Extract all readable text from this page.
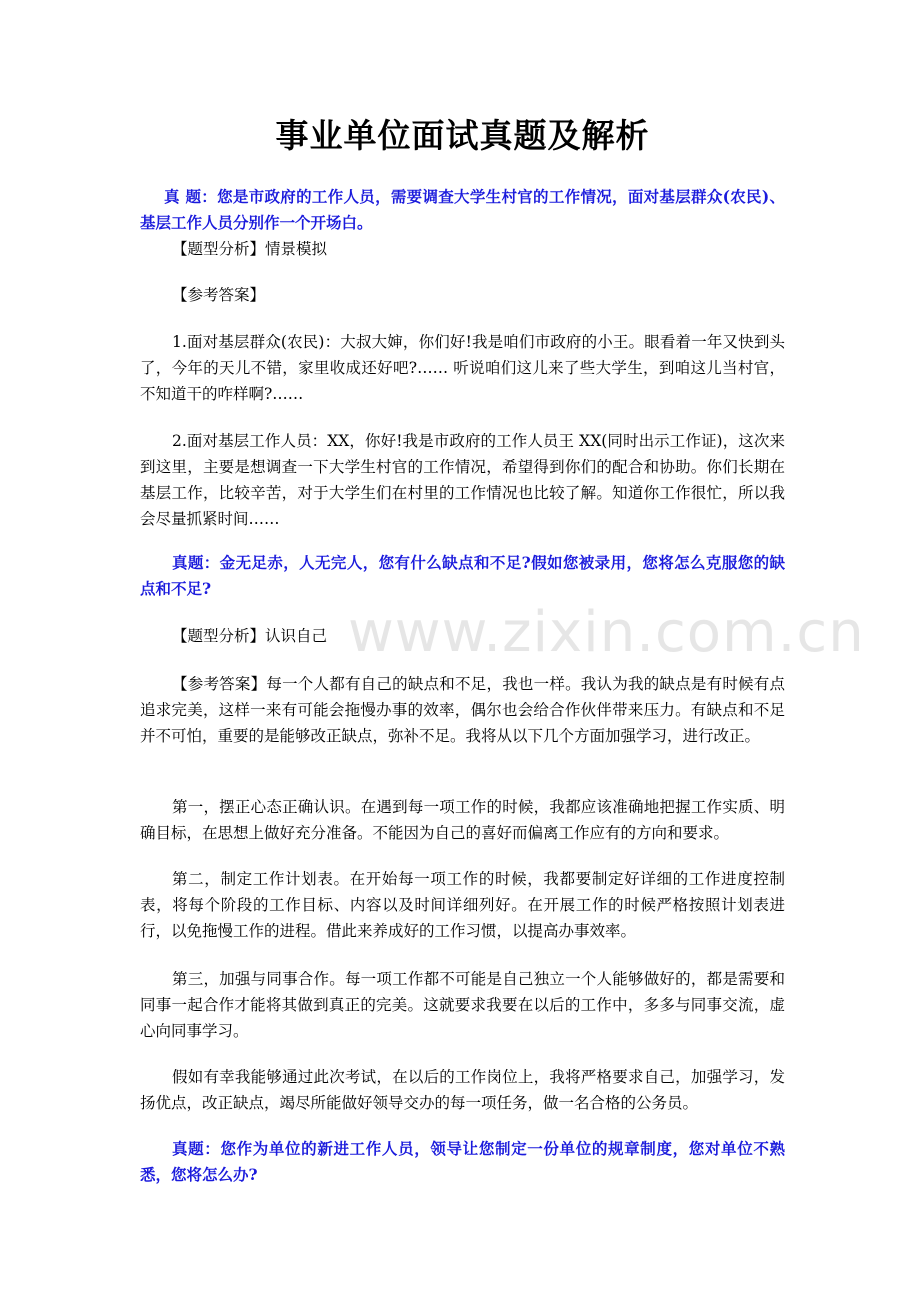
事业单位面试真题及解析

真 题：您是市政府的工作人员，需要调查大学生村官的工作情况，面对基层群众(农民)、基层工作人员分别作一个开场白。

【题型分析】情景模拟

【参考答案】

1.面对基层群众(农民)：大叔大婶，你们好!我是咱们市政府的小王。眼看着一年又快到头了，今年的天儿不错，家里收成还好吧?…… 听说咱们这儿来了些大学生，到咱这儿当村官，不知道干的咋样啊?……

2.面对基层工作人员：XX，你好!我是市政府的工作人员王 XX(同时出示工作证)，这次来到这里，主要是想调查一下大学生村官的工作情况，希望得到你们的配合和协助。你们长期在基层工作，比较辛苦，对于大学生们在村里的工作情况也比较了解。知道你工作很忙，所以我会尽量抓紧时间……

真题：金无足赤，人无完人，您有什么缺点和不足?假如您被录用，您将怎么克服您的缺点和不足?

【题型分析】认识自己

【参考答案】每一个人都有自己的缺点和不足，我也一样。我认为我的缺点是有时候有点追求完美，这样一来有可能会拖慢办事的效率，偶尔也会给合作伙伴带来压力。有缺点和不足并不可怕，重要的是能够改正缺点，弥补不足。我将从以下几个方面加强学习，进行改正。

第一，摆正心态正确认识。在遇到每一项工作的时候，我都应该准确地把握工作实质、明确目标，在思想上做好充分准备。不能因为自己的喜好而偏离工作应有的方向和要求。

第二，制定工作计划表。在开始每一项工作的时候，我都要制定好详细的工作进度控制表，将每个阶段的工作目标、内容以及时间详细列好。在开展工作的时候严格按照计划表进行，以免拖慢工作的进程。借此来养成好的工作习惯，以提高办事效率。

第三，加强与同事合作。每一项工作都不可能是自己独立一个人能够做好的，都是需要和同事一起合作才能将其做到真正的完美。这就要求我要在以后的工作中，多多与同事交流，虚心向同事学习。

假如有幸我能够通过此次考试，在以后的工作岗位上，我将严格要求自己，加强学习，发扬优点，改正缺点，竭尽所能做好领导交办的每一项任务，做一名合格的公务员。

真题：您作为单位的新进工作人员，领导让您制定一份单位的规章制度，您对单位不熟悉，您将怎么办?

www.zixin.com.cn
